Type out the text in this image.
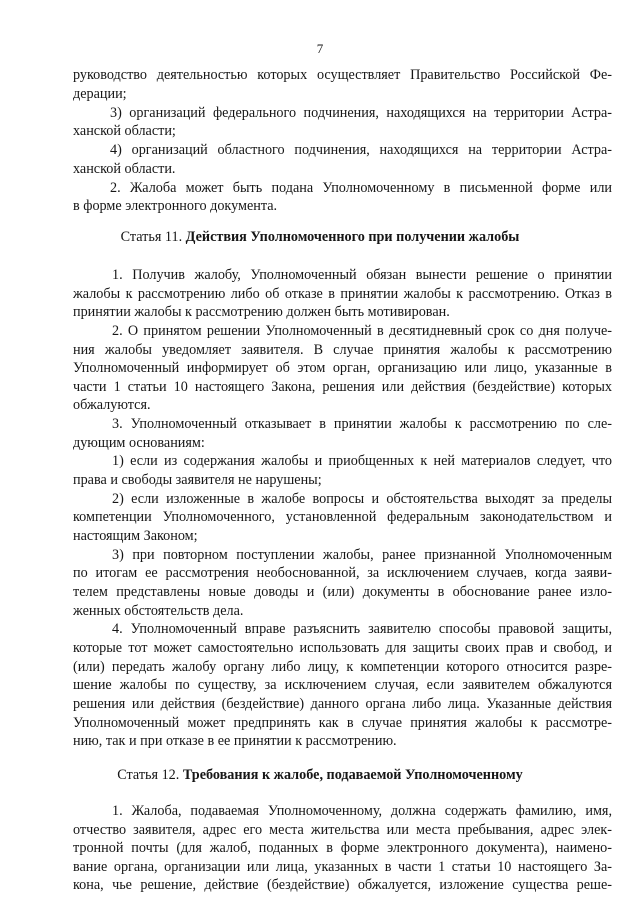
7
руководство деятельностью которых осуществляет Правительство Российской Фе-
дерации;
3) организаций федерального подчинения, находящихся на территории Астра-
ханской области;
4) организаций областного подчинения, находящихся на территории Астра-
ханской области.
2. Жалоба может быть подана Уполномоченному в письменной форме или
в форме электронного документа.
Статья 11. Действия Уполномоченного при получении жалобы
1. Получив жалобу, Уполномоченный обязан вынести решение о принятии
жалобы к рассмотрению либо об отказе в принятии жалобы к рассмотрению. Отказ в
принятии жалобы к рассмотрению должен быть мотивирован.
2. О принятом решении Уполномоченный в десятидневный срок со дня получе-
ния жалобы уведомляет заявителя. В случае принятия жалобы к рассмотрению
Уполномоченный информирует об этом орган, организацию или лицо, указанные в
части 1 статьи 10 настоящего Закона, решения или действия (бездействие) которых
обжалуются.
3. Уполномоченный отказывает в принятии жалобы к рассмотрению по сле-
дующим основаниям:
1) если из содержания жалобы и приобщенных к ней материалов следует, что
права и свободы заявителя не нарушены;
2) если изложенные в жалобе вопросы и обстоятельства выходят за пределы
компетенции Уполномоченного, установленной федеральным законодательством и
настоящим Законом;
3) при повторном поступлении жалобы, ранее признанной Уполномоченным
по итогам ее рассмотрения необоснованной, за исключением случаев, когда заяви-
телем представлены новые доводы и (или) документы в обоснование ранее изло-
женных обстоятельств дела.
4. Уполномоченный вправе разъяснить заявителю способы правовой защиты,
которые тот может самостоятельно использовать для защиты своих прав и свобод, и
(или) передать жалобу органу либо лицу, к компетенции которого относится разре-
шение жалобы по существу, за исключением случая, если заявителем обжалуются
решения или действия (бездействие) данного органа либо лица. Указанные действия
Уполномоченный может предпринять как в случае принятия жалобы к рассмотре-
нию, так и при отказе в ее принятии к рассмотрению.
Статья 12. Требования к жалобе, подаваемой Уполномоченному
1. Жалоба, подаваемая Уполномоченному, должна содержать фамилию, имя,
отчество заявителя, адрес его места жительства или места пребывания, адрес элек-
тронной почты (для жалоб, поданных в форме электронного документа), наимено-
вание органа, организации или лица, указанных в части 1 статьи 10 настоящего За-
кона, чье решение, действие (бездействие) обжалуется, изложение существа реше-
